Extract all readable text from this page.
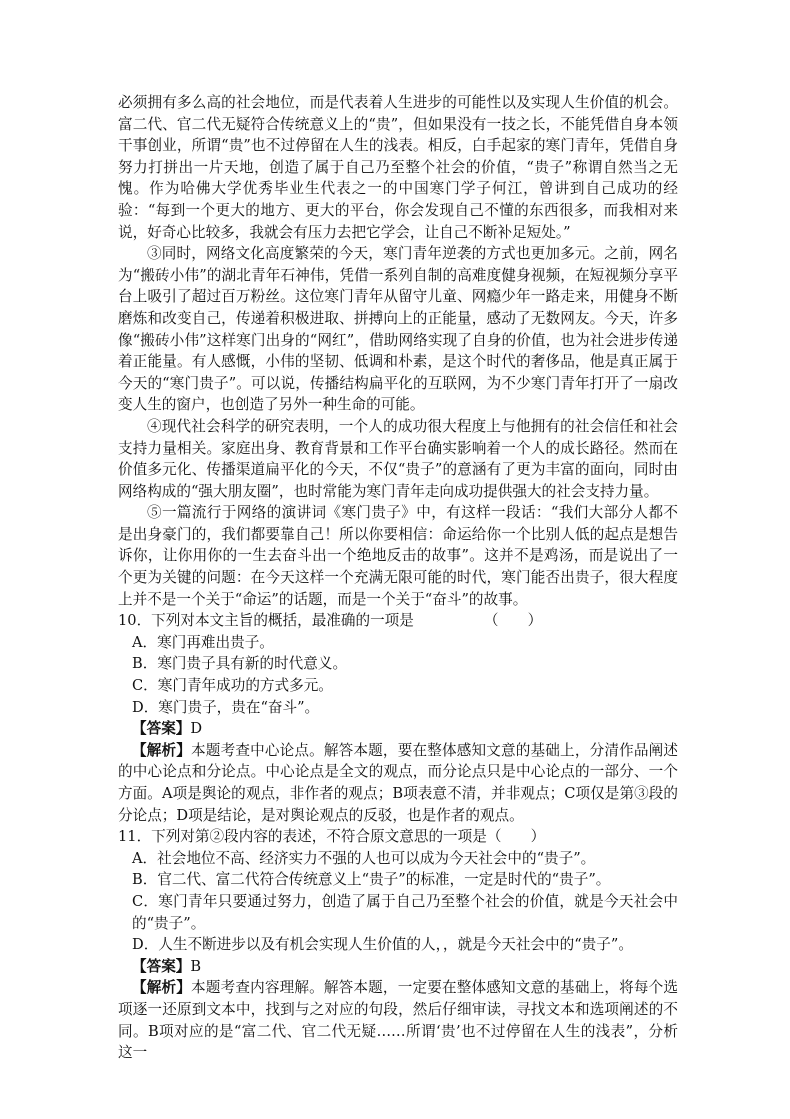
必须拥有多么高的社会地位，而是代表着人生进步的可能性以及实现人生价值的机会。富二代、官二代无疑符合传统意义上的“贵”，但如果没有一技之长，不能凭借自身本领干事创业，所谓“贵”也不过停留在人生的浅表。相反，白手起家的寒门青年，凭借自身努力打拼出一片天地，创造了属于自己乃至整个社会的价值，“贵子”称谓自然当之无愧。作为哈佛大学优秀毕业生代表之一的中国寒门学子何江，曾讲到自己成功的经验：“每到一个更大的地方、更大的平台，你会发现自己不懂的东西很多，而我相对来说，好奇心比较多，我就会有压力去把它学会，让自己不断补足短处。”

③同时，网络文化高度繁荣的今天，寒门青年逆袭的方式也更加多元。之前，网名为“搬砖小伟”的湖北青年石神伟，凭借一系列自制的高难度健身视频，在短视频分享平台上吸引了超过百万粉丝。这位寒门青年从留守儿童、网瘾少年一路走来，用健身不断磨炼和改变自己，传递着积极进取、拼搏向上的正能量，感动了无数网友。今天，许多像“搬砖小伟”这样寒门出身的“网红”，借助网络实现了自身的价值，也为社会进步传递着正能量。有人感慨，小伟的坚韧、低调和朴素，是这个时代的奢侈品，他是真正属于今天的“寒门贵子”。可以说，传播结构扁平化的互联网，为不少寒门青年打开了一扇改变人生的窗户，也创造了另外一种生命的可能。

④现代社会科学的研究表明，一个人的成功很大程度上与他拥有的社会信任和社会支持力量相关。家庭出身、教育背景和工作平台确实影响着一个人的成长路径。然而在价值多元化、传播渠道扁平化的今天，不仅“贵子”的意涵有了更为丰富的面向，同时由网络构成的“强大朋友圈”，也时常能为寒门青年走向成功提供强大的社会支持力量。

⑤一篇流行于网络的演讲词《寒门贵子》中，有这样一段话：“我们大部分人都不是出身豪门的，我们都要靠自己！所以你要相信：命运给你一个比别人低的起点是想告诉你，让你用你的一生去奋斗出一个绝地反击的故事”。这并不是鸡汤，而是说出了一个更为关键的问题：在今天这样一个充满无限可能的时代，寒门能否出贵子，很大程度上并不是一个关于“命运”的话题，而是一个关于“奋斗”的故事。

10．下列对本文主旨的概括，最准确的一项是	（　　）

A．寒门再难出贵子。

B．寒门贵子具有新的时代意义。

C．寒门青年成功的方式多元。

D．寒门贵子，贵在“奋斗”。

【答案】D

【解析】本题考查中心论点。解答本题，要在整体感知文意的基础上，分清作品阐述的中心论点和分论点。中心论点是全文的观点，而分论点只是中心论点的一部分、一个方面。A项是舆论的观点，非作者的观点；B项表意不清，并非观点；C项仅是第③段的分论点；D项是结论，是对舆论观点的反驳，也是作者的观点。

11．下列对第②段内容的表述，不符合原文意思的一项是（　　）

A．社会地位不高、经济实力不强的人也可以成为今天社会中的“贵子”。

B．官二代、富二代符合传统意义上“贵子”的标准，一定是时代的“贵子”。

C．寒门青年只要通过努力，创造了属于自己乃至整个社会的价值，就是今天社会中的“贵子”。

D．人生不断进步以及有机会实现人生价值的人，，就是今天社会中的“贵子”。

【答案】B

【解析】本题考查内容理解。解答本题，一定要在整体感知文意的基础上，将每个选项逐一还原到文本中，找到与之对应的句段，然后仔细审读，寻找文本和选项阐述的不同。B项对应的是“富二代、官二代无疑……所谓‘贵’也不过停留在人生的浅表”，分析这一
